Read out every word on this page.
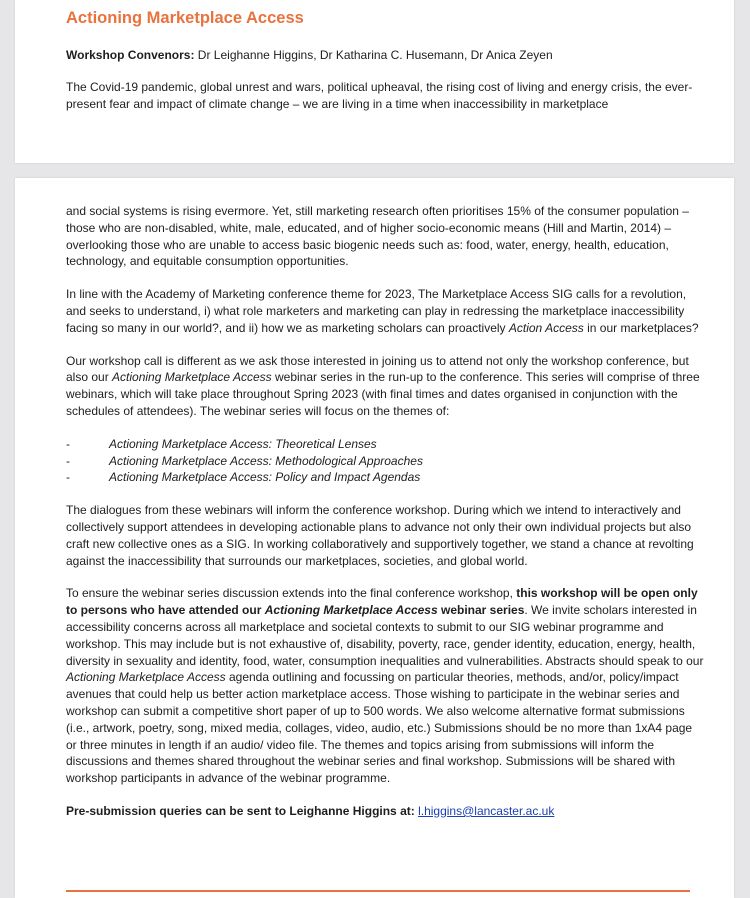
Actioning Marketplace Access
Workshop Convenors: Dr Leighanne Higgins, Dr Katharina C. Husemann, Dr Anica Zeyen
The Covid-19 pandemic, global unrest and wars, political upheaval, the rising cost of living and energy crisis, the ever-present fear and impact of climate change – we are living in a time when inaccessibility in marketplace

and social systems is rising evermore. Yet, still marketing research often prioritises 15% of the consumer population – those who are non-disabled, white, male, educated, and of higher socio-economic means (Hill and Martin, 2014) – overlooking those who are unable to access basic biogenic needs such as: food, water, energy, health, education, technology, and equitable consumption opportunities.

In line with the Academy of Marketing conference theme for 2023, The Marketplace Access SIG calls for a revolution, and seeks to understand, i) what role marketers and marketing can play in redressing the marketplace inaccessibility facing so many in our world?, and ii) how we as marketing scholars can proactively Action Access in our marketplaces?

Our workshop call is different as we ask those interested in joining us to attend not only the workshop conference, but also our Actioning Marketplace Access webinar series in the run-up to the conference. This series will comprise of three webinars, which will take place throughout Spring 2023 (with final times and dates organised in conjunction with the schedules of attendees). The webinar series will focus on the themes of:

- Actioning Marketplace Access: Theoretical Lenses
- Actioning Marketplace Access: Methodological Approaches
- Actioning Marketplace Access: Policy and Impact Agendas

The dialogues from these webinars will inform the conference workshop. During which we intend to interactively and collectively support attendees in developing actionable plans to advance not only their own individual projects but also craft new collective ones as a SIG. In working collaboratively and supportively together, we stand a chance at revolting against the inaccessibility that surrounds our marketplaces, societies, and global world.

To ensure the webinar series discussion extends into the final conference workshop, this workshop will be open only to persons who have attended our Actioning Marketplace Access webinar series. We invite scholars interested in accessibility concerns across all marketplace and societal contexts to submit to our SIG webinar programme and workshop. This may include but is not exhaustive of, disability, poverty, race, gender identity, education, energy, health, diversity in sexuality and identity, food, water, consumption inequalities and vulnerabilities. Abstracts should speak to our Actioning Marketplace Access agenda outlining and focussing on particular theories, methods, and/or, policy/impact avenues that could help us better action marketplace access. Those wishing to participate in the webinar series and workshop can submit a competitive short paper of up to 500 words. We also welcome alternative format submissions (i.e., artwork, poetry, song, mixed media, collages, video, audio, etc.) Submissions should be no more than 1xA4 page or three minutes in length if an audio/ video file. The themes and topics arising from submissions will inform the discussions and themes shared throughout the webinar series and final workshop. Submissions will be shared with workshop participants in advance of the webinar programme.

Pre-submission queries can be sent to Leighanne Higgins at: l.higgins@lancaster.ac.uk
